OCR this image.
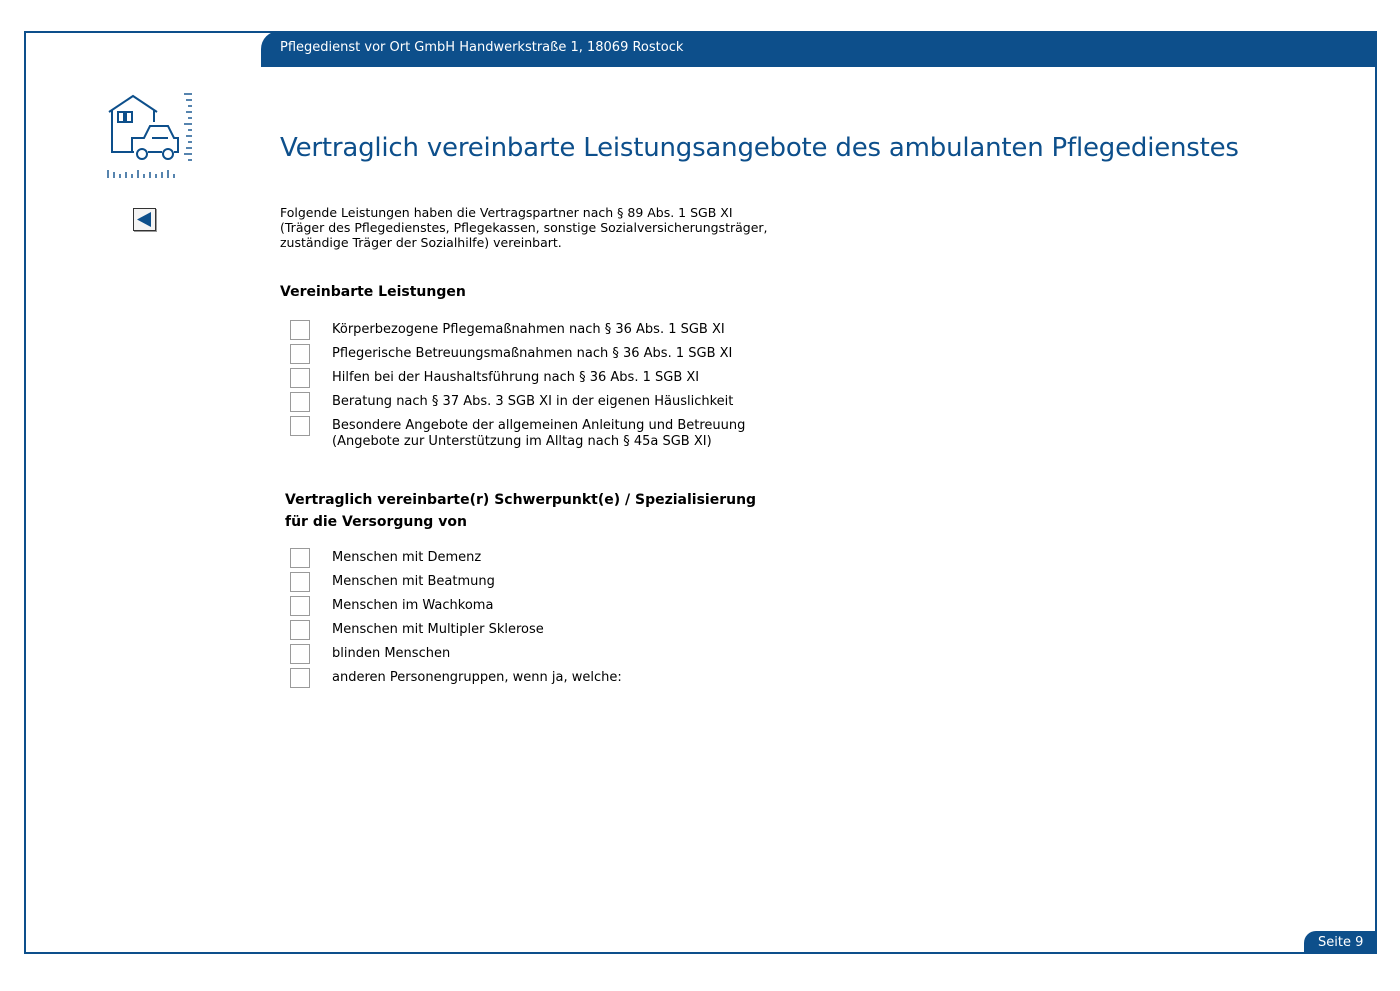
Pflegedienst vor Ort GmbH Handwerkstraße 1, 18069 Rostock
Vertraglich vereinbarte Leistungsangebote des ambulanten Pflegedienstes
Folgende Leistungen haben die Vertragspartner nach § 89 Abs. 1 SGB XI
(Träger des Pflegedienstes, Pflegekassen, sonstige Sozialversicherungsträger,
zuständige Träger der Sozialhilfe) vereinbart.
Vereinbarte Leistungen
Körperbezogene Pflegemaßnahmen nach § 36 Abs. 1 SGB XI
Pflegerische Betreuungsmaßnahmen nach § 36 Abs. 1 SGB XI
Hilfen bei der Haushaltsführung nach § 36 Abs. 1 SGB XI
Beratung nach § 37 Abs. 3 SGB XI in der eigenen Häuslichkeit
Besondere Angebote der allgemeinen Anleitung und Betreuung
(Angebote zur Unterstützung im Alltag nach § 45a SGB XI)
Vertraglich vereinbarte(r) Schwerpunkt(e) / Spezialisierung
für die Versorgung von
Menschen mit Demenz
Menschen mit Beatmung
Menschen im Wachkoma
Menschen mit Multipler Sklerose
blinden Menschen
anderen Personengruppen, wenn ja, welche:
Seite 9
